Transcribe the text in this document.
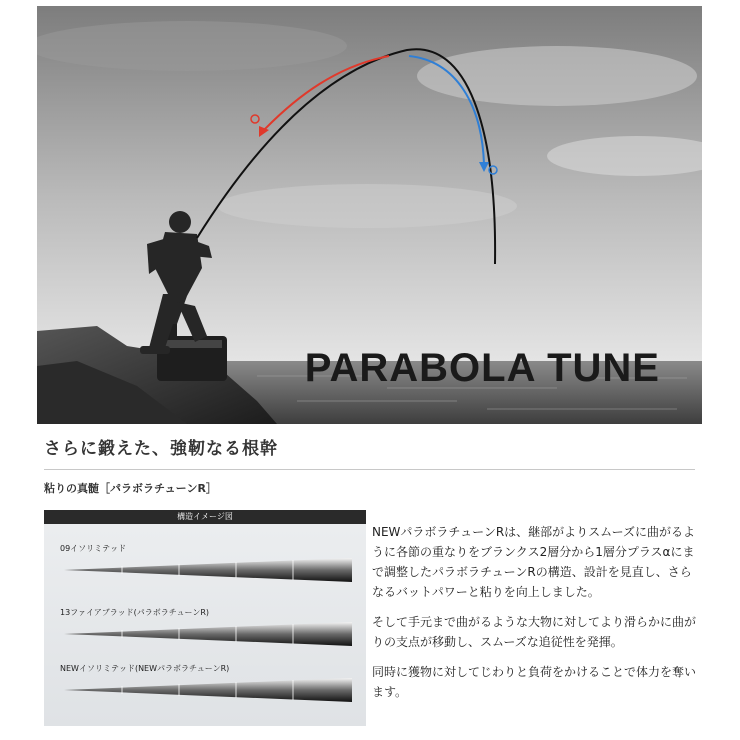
PARABOLA TUNE
さらに鍛えた、強靭なる根幹
粘りの真髄［パラボラチューンR］
構造イメージ図
09イソリミテッド
13ファイアブラッド(パラボラチューンR)
NEWイソリミテッド(NEWパラボラチューンR)

NEWパラボラチューンRは、継部がよりスムーズに曲がるように各節の重なりをブランクス2層分から1層分プラスαにまで調整したパラボラチューンRの構造、設計を見直し、さらなるバットパワーと粘りを向上しました。

そして手元まで曲がるような大物に対してより滑らかに曲がりの支点が移動し、スムーズな追従性を発揮。

同時に獲物に対してじわりと負荷をかけることで体力を奪います。
